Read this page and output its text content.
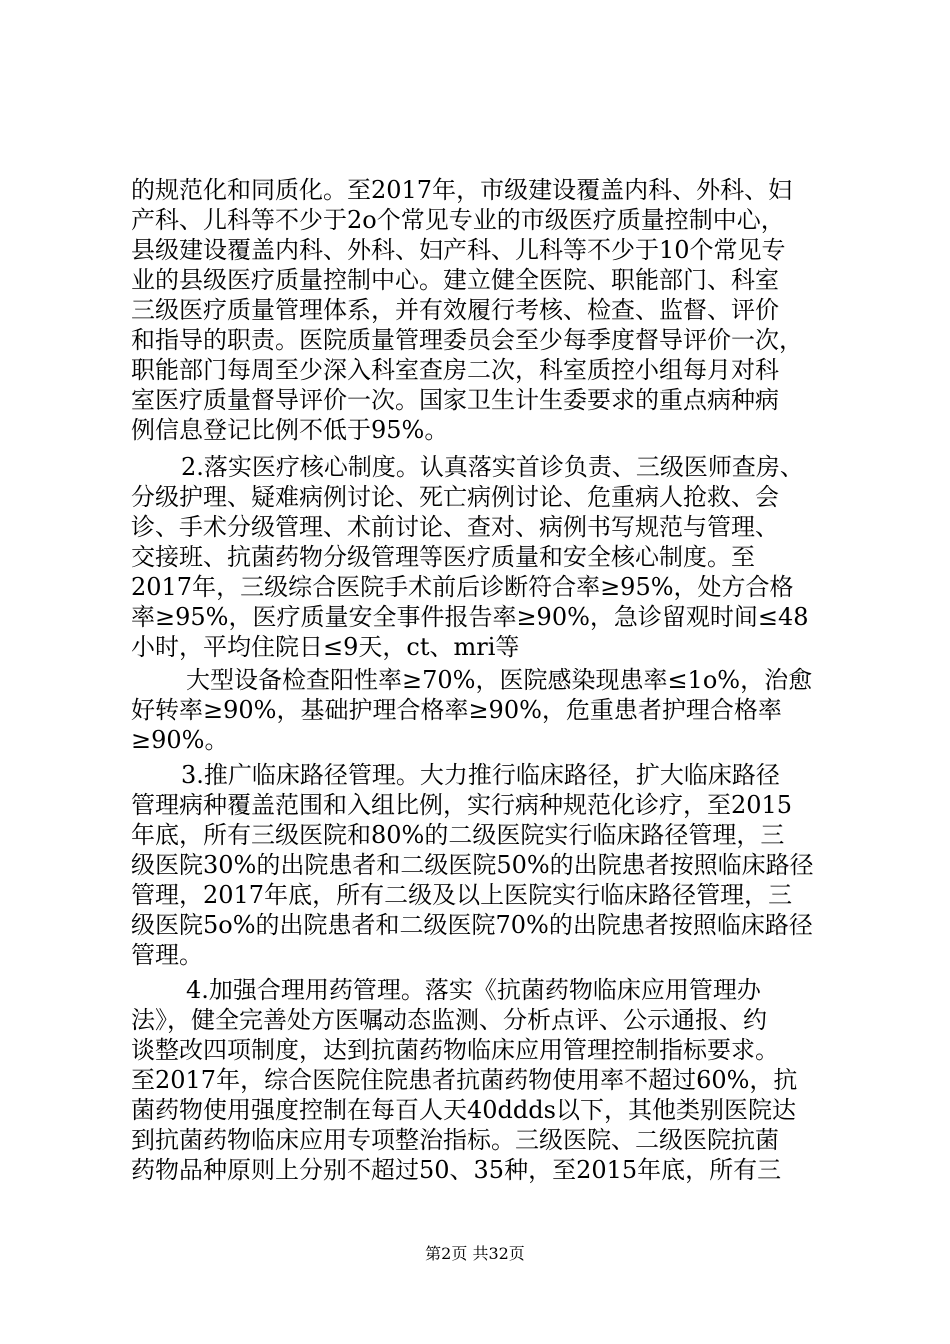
的规范化和同质化。至2017年，市级建设覆盖内科、外科、妇
产科、儿科等不少于2o个常见专业的市级医疗质量控制中心，
县级建设覆盖内科、外科、妇产科、儿科等不少于10个常见专
业的县级医疗质量控制中心。建立健全医院、职能部门、科室
三级医疗质量管理体系，并有效履行考核、检查、监督、评价
和指导的职责。医院质量管理委员会至少每季度督导评价一次，
职能部门每周至少深入科室查房二次，科室质控小组每月对科
室医疗质量督导评价一次。国家卫生计生委要求的重点病种病
例信息登记比例不低于95%。
2.落实医疗核心制度。认真落实首诊负责、三级医师查房、
分级护理、疑难病例讨论、死亡病例讨论、危重病人抢救、会
诊、手术分级管理、术前讨论、查对、病例书写规范与管理、
交接班、抗菌药物分级管理等医疗质量和安全核心制度。至
2017年，三级综合医院手术前后诊断符合率≥95%，处方合格
率≥95%，医疗质量安全事件报告率≥90%，急诊留观时间≤48
小时，平均住院日≤9天，ct、mri等
大型设备检查阳性率≥70%，医院感染现患率≤1o%，治愈
好转率≥90%，基础护理合格率≥90%，危重患者护理合格率
≥90%。
3.推广临床路径管理。大力推行临床路径，扩大临床路径
管理病种覆盖范围和入组比例，实行病种规范化诊疗，至2015
年底，所有三级医院和80%的二级医院实行临床路径管理，三
级医院30%的出院患者和二级医院50%的出院患者按照临床路径
管理，2017年底，所有二级及以上医院实行临床路径管理，三
级医院5o%的出院患者和二级医院70%的出院患者按照临床路径
管理。
4.加强合理用药管理。落实《抗菌药物临床应用管理办
法》，健全完善处方医嘱动态监测、分析点评、公示通报、约
谈整改四项制度，达到抗菌药物临床应用管理控制指标要求。
至2017年，综合医院住院患者抗菌药物使用率不超过60%，抗
菌药物使用强度控制在每百人天40ddds以下，其他类别医院达
到抗菌药物临床应用专项整治指标。三级医院、二级医院抗菌
药物品种原则上分别不超过50、35种，至2015年底，所有三
第2页 共32页
